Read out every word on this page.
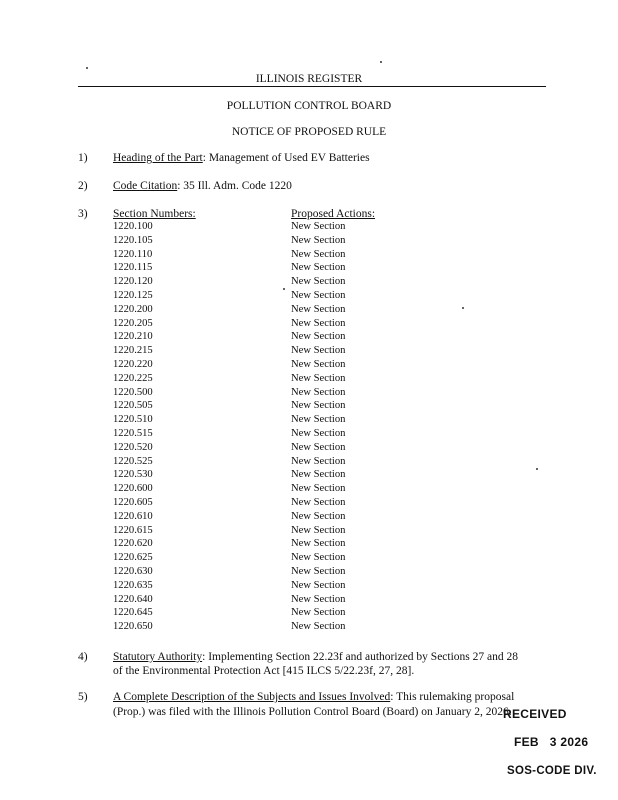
ILLINOIS REGISTER
POLLUTION CONTROL BOARD
NOTICE OF PROPOSED RULE
1) Heading of the Part: Management of Used EV Batteries
2) Code Citation: 35 Ill. Adm. Code 1220
3) Section Numbers:	Proposed Actions:
1220.100	New Section
1220.105	New Section
1220.110	New Section
1220.115	New Section
1220.120	New Section
1220.125	New Section
1220.200	New Section
1220.205	New Section
1220.210	New Section
1220.215	New Section
1220.220	New Section
1220.225	New Section
1220.500	New Section
1220.505	New Section
1220.510	New Section
1220.515	New Section
1220.520	New Section
1220.525	New Section
1220.530	New Section
1220.600	New Section
1220.605	New Section
1220.610	New Section
1220.615	New Section
1220.620	New Section
1220.625	New Section
1220.630	New Section
1220.635	New Section
1220.640	New Section
1220.645	New Section
1220.650	New Section
4) Statutory Authority: Implementing Section 22.23f and authorized by Sections 27 and 28
of the Environmental Protection Act [415 ILCS 5/22.23f, 27, 28].
5) A Complete Description of the Subjects and Issues Involved: This rulemaking proposal
(Prop.) was filed with the Illinois Pollution Control Board (Board) on January 2, 2026.
RECEIVED
FEB   3 2026
SOS-CODE DIV.
